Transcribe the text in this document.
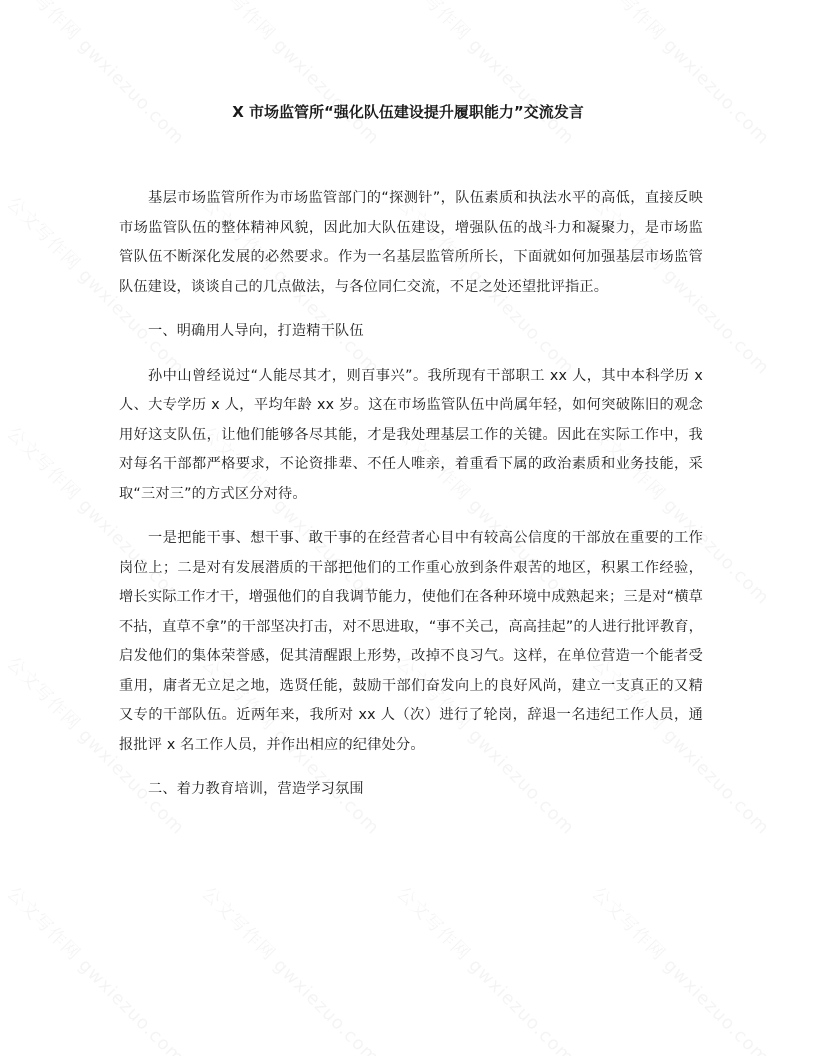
X 市场监管所“强化队伍建设提升履职能力”交流发言

基层市场监管所作为市场监管部门的“探测针”，队伍素质和执法水平的高低，直接反映市场监管队伍的整体精神风貌，因此加大队伍建设，增强队伍的战斗力和凝聚力，是市场监管队伍不断深化发展的必然要求。作为一名基层监管所所长，下面就如何加强基层市场监管队伍建设，谈谈自己的几点做法，与各位同仁交流，不足之处还望批评指正。

一、明确用人导向，打造精干队伍

孙中山曾经说过“人能尽其才，则百事兴”。我所现有干部职工 xx 人，其中本科学历 x 人、大专学历 x 人，平均年龄 xx 岁。这在市场监管队伍中尚属年轻，如何突破陈旧的观念用好这支队伍，让他们能够各尽其能，才是我处理基层工作的关键。因此在实际工作中，我对每名干部都严格要求，不论资排辈、不任人唯亲，着重看下属的政治素质和业务技能，采取“三对三”的方式区分对待。

一是把能干事、想干事、敢干事的在经营者心目中有较高公信度的干部放在重要的工作岗位上；二是对有发展潜质的干部把他们的工作重心放到条件艰苦的地区，积累工作经验，增长实际工作才干，增强他们的自我调节能力，使他们在各种环境中成熟起来；三是对“横草不拈，直草不拿”的干部坚决打击，对不思进取，“事不关己，高高挂起”的人进行批评教育，启发他们的集体荣誉感，促其清醒跟上形势，改掉不良习气。这样，在单位营造一个能者受重用，庸者无立足之地，选贤任能，鼓励干部们奋发向上的良好风尚，建立一支真正的又精又专的干部队伍。近两年来，我所对 xx 人（次）进行了轮岗，辞退一名违纪工作人员，通报批评 x 名工作人员，并作出相应的纪律处分。

二、着力教育培训，营造学习氛围
